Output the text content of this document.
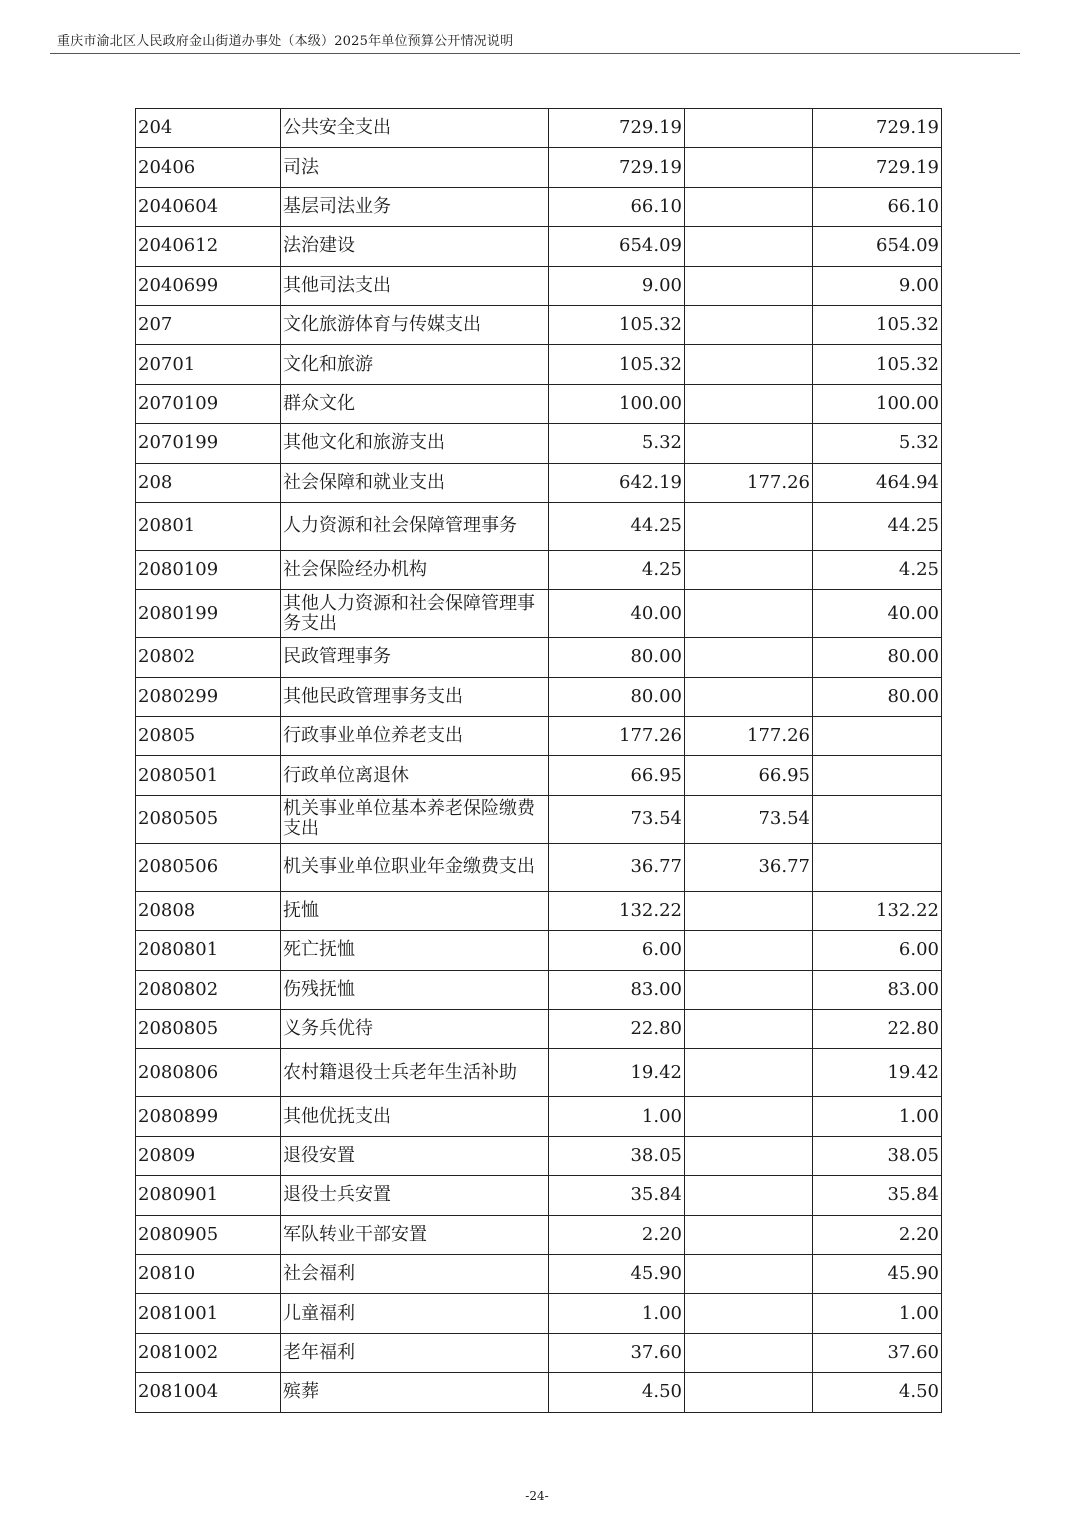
重庆市渝北区人民政府金山街道办事处（本级）2025年单位预算公开情况说明
204	公共安全支出	729.19		729.19
20406	司法	729.19		729.19
2040604	基层司法业务	66.10		66.10
2040612	法治建设	654.09		654.09
2040699	其他司法支出	9.00		9.00
207	文化旅游体育与传媒支出	105.32		105.32
20701	文化和旅游	105.32		105.32
2070109	群众文化	100.00		100.00
2070199	其他文化和旅游支出	5.32		5.32
208	社会保障和就业支出	642.19	177.26	464.94
20801	人力资源和社会保障管理事务	44.25		44.25
2080109	社会保险经办机构	4.25		4.25
2080199	其他人力资源和社会保障管理事务支出	40.00		40.00
20802	民政管理事务	80.00		80.00
2080299	其他民政管理事务支出	80.00		80.00
20805	行政事业单位养老支出	177.26	177.26	
2080501	行政单位离退休	66.95	66.95	
2080505	机关事业单位基本养老保险缴费支出	73.54	73.54	
2080506	机关事业单位职业年金缴费支出	36.77	36.77	
20808	抚恤	132.22		132.22
2080801	死亡抚恤	6.00		6.00
2080802	伤残抚恤	83.00		83.00
2080805	义务兵优待	22.80		22.80
2080806	农村籍退役士兵老年生活补助	19.42		19.42
2080899	其他优抚支出	1.00		1.00
20809	退役安置	38.05		38.05
2080901	退役士兵安置	35.84		35.84
2080905	军队转业干部安置	2.20		2.20
20810	社会福利	45.90		45.90
2081001	儿童福利	1.00		1.00
2081002	老年福利	37.60		37.60
2081004	殡葬	4.50		4.50
-24-
